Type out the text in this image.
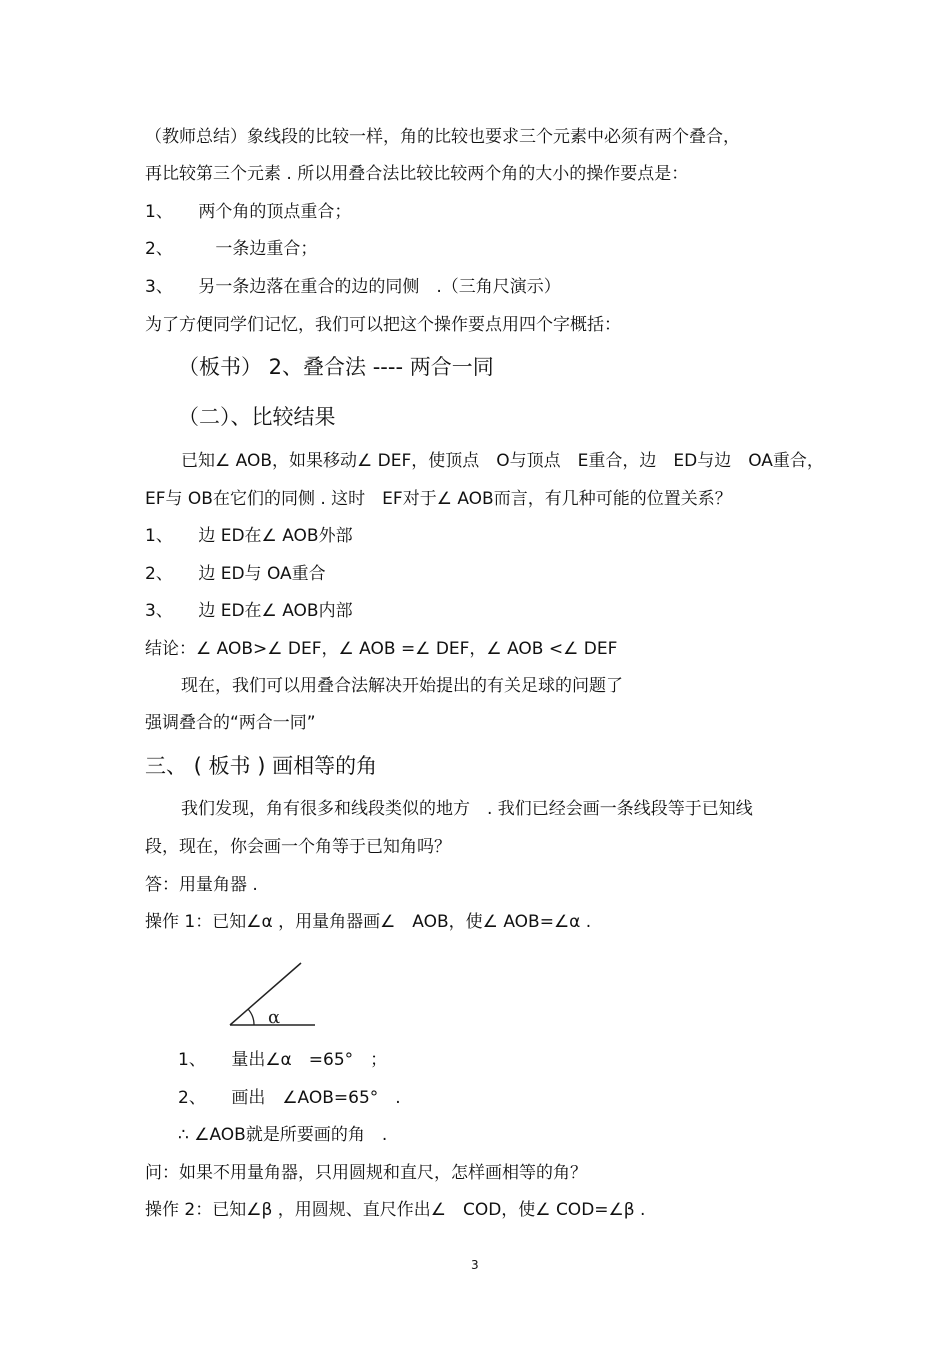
（教师总结）象线段的比较一样，角的比较也要求三个元素中必须有两个叠合，
再比较第三个元素 . 所以用叠合法比较比较两个角的大小的操作要点是：
1、　　两个角的顶点重合；
2、　　　一条边重合；
3、　　另一条边落在重合的边的同侧　.（三角尺演示）
为了方便同学们记忆，我们可以把这个操作要点用四个字概括：
（板书） 2、叠合法 ---- 两合一同
（二）、比较结果
已知∠ AOB，如果移动∠ DEF，使顶点　O与顶点　E重合，边　ED与边　OA重合，
EF与 OB在它们的同侧 . 这时　EF对于∠ AOB而言，有几种可能的位置关系？
1、　　边 ED在∠ AOB外部
2、　　边 ED与 OA重合
3、　　边 ED在∠ AOB内部
结论：∠ AOB>∠ DEF，∠ AOB =∠ DEF，∠ AOB <∠ DEF
现在，我们可以用叠合法解决开始提出的有关足球的问题了
强调叠合的“两合一同”
三、 ( 板书 ) 画相等的角
我们发现，角有很多和线段类似的地方　. 我们已经会画一条线段等于已知线
段，现在，你会画一个角等于已知角吗？
答：用量角器 .
操作 1：已知∠α ，用量角器画∠　AOB，使∠ AOB=∠α .
α
1、　　量出∠α　=65°　；
2、　　画出　∠AOB=65°　.
∴ ∠AOB就是所要画的角　.
问：如果不用量角器，只用圆规和直尺，怎样画相等的角？
操作 2：已知∠β ，用圆规、直尺作出∠　COD，使∠ COD=∠β .
3
